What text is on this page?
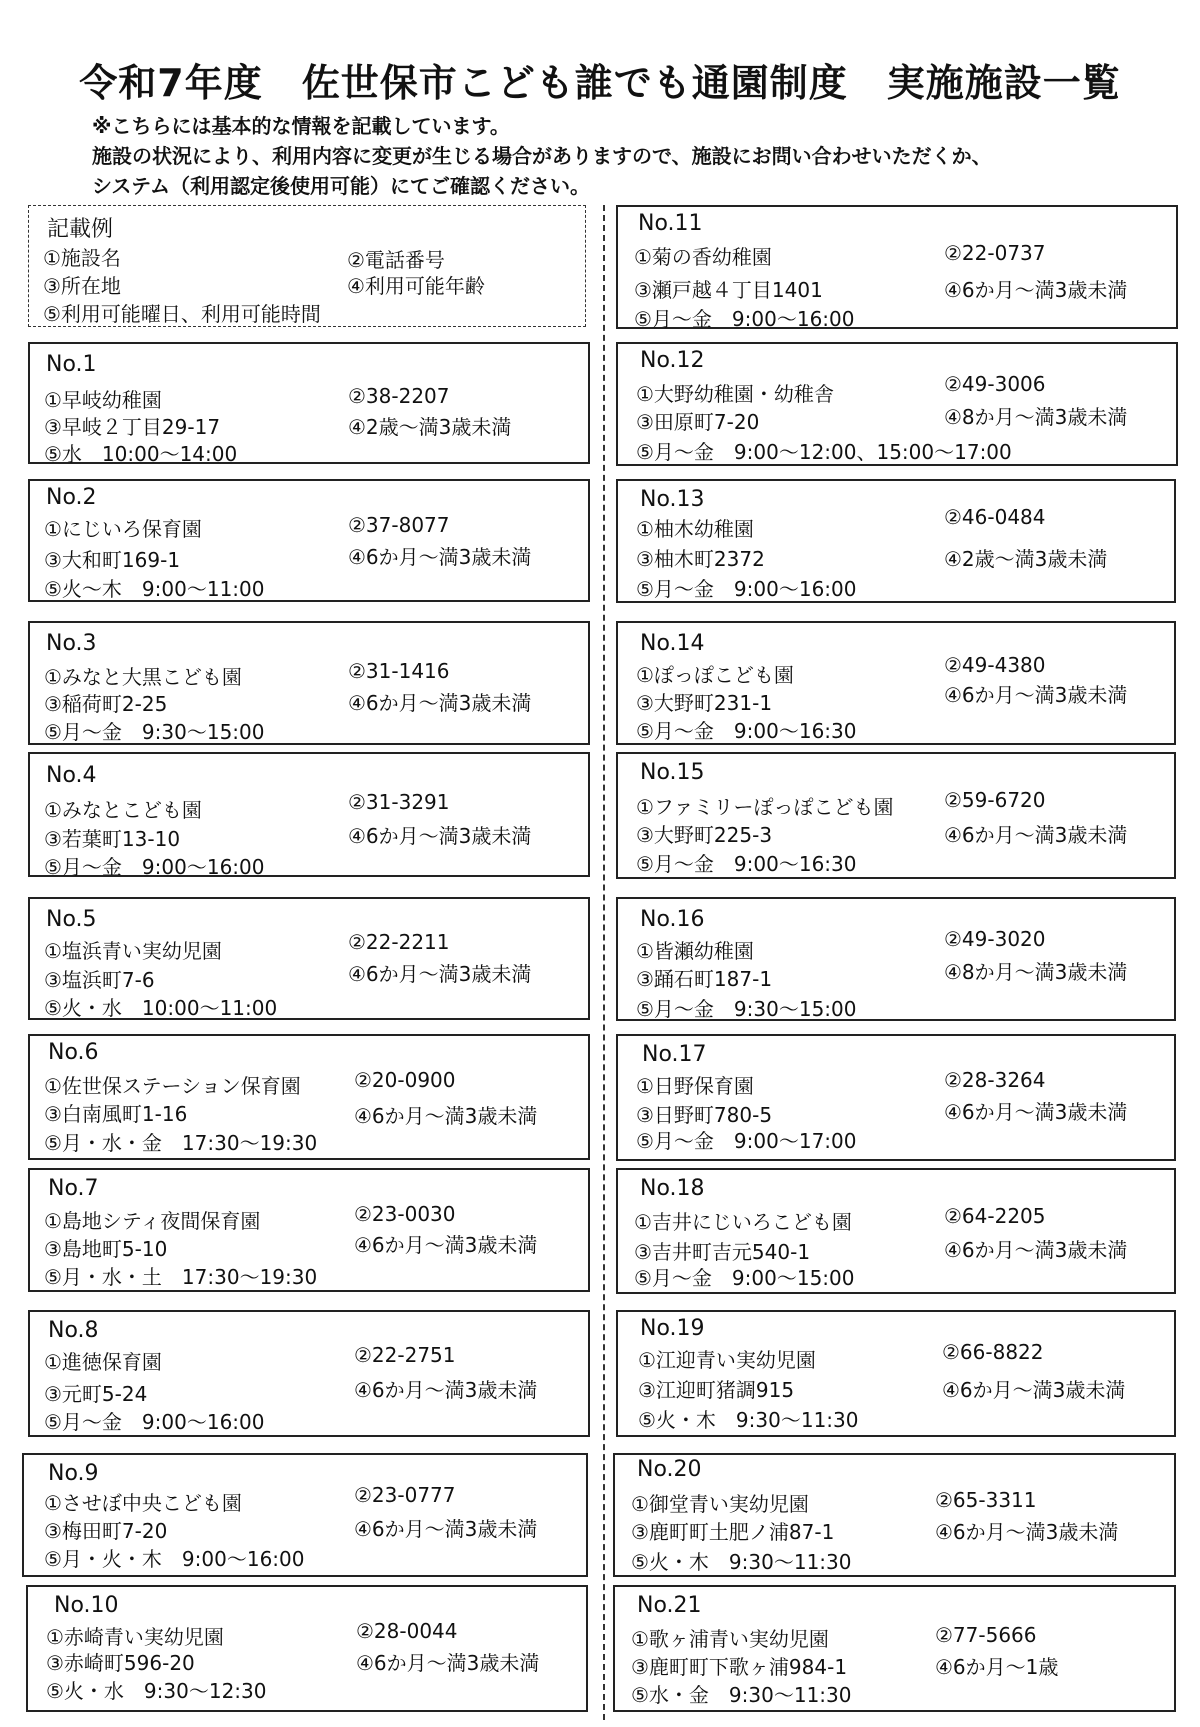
令和7年度　佐世保市こども誰でも通園制度　実施施設一覧
※こちらには基本的な情報を記載しています。
施設の状況により、利用内容に変更が生じる場合がありますので、施設にお問い合わせいただくか、
システム（利用認定後使用可能）にてご確認ください。
記載例
①施設名	②電話番号
③所在地	④利用可能年齢
⑤利用可能曜日、利用可能時間
No.1
①早岐幼稚園	②38-2207
③早岐２丁目29-17	④2歳～満3歳未満
⑤水　10:00～14:00
No.2
①にじいろ保育園	②37-8077
③大和町169-1	④6か月～満3歳未満
⑤火～木　9:00～11:00
No.3
①みなと大黒こども園	②31-1416
③稲荷町2-25	④6か月～満3歳未満
⑤月～金　9:30～15:00
No.4
①みなとこども園	②31-3291
③若葉町13-10	④6か月～満3歳未満
⑤月～金　9:00～16:00
No.5
①塩浜青い実幼児園	②22-2211
③塩浜町7-6	④6か月～満3歳未満
⑤火・水　10:00～11:00
No.6
①佐世保ステーション保育園	②20-0900
③白南風町1-16	④6か月～満3歳未満
⑤月・水・金　17:30～19:30
No.7
①島地シティ夜間保育園	②23-0030
③島地町5-10	④6か月～満3歳未満
⑤月・水・土　17:30～19:30
No.8
①進徳保育園	②22-2751
③元町5-24	④6か月～満3歳未満
⑤月～金　9:00～16:00
No.9
①させぼ中央こども園	②23-0777
③梅田町7-20	④6か月～満3歳未満
⑤月・火・木　9:00～16:00
No.10
①赤崎青い実幼児園	②28-0044
③赤崎町596-20	④6か月～満3歳未満
⑤火・水　9:30～12:30
No.11
①菊の香幼稚園	②22-0737
③瀬戸越４丁目1401	④6か月～満3歳未満
⑤月～金　9:00～16:00
No.12
①大野幼稚園・幼稚舎	②49-3006
③田原町7-20	④8か月～満3歳未満
⑤月～金　9:00～12:00、15:00～17:00
No.13
①柚木幼稚園	②46-0484
③柚木町2372	④2歳～満3歳未満
⑤月～金　9:00～16:00
No.14
①ぽっぽこども園	②49-4380
③大野町231-1	④6か月～満3歳未満
⑤月～金　9:00～16:30
No.15
①ファミリーぽっぽこども園	②59-6720
③大野町225-3	④6か月～満3歳未満
⑤月～金　9:00～16:30
No.16
①皆瀬幼稚園	②49-3020
③踊石町187-1	④8か月～満3歳未満
⑤月～金　9:30～15:00
No.17
①日野保育園	②28-3264
③日野町780-5	④6か月～満3歳未満
⑤月～金　9:00～17:00
No.18
①吉井にじいろこども園	②64-2205
③吉井町吉元540-1	④6か月～満3歳未満
⑤月～金　9:00～15:00
No.19
①江迎青い実幼児園	②66-8822
③江迎町猪調915	④6か月～満3歳未満
⑤火・木　9:30～11:30
No.20
①御堂青い実幼児園	②65-3311
③鹿町町土肥ノ浦87-1	④6か月～満3歳未満
⑤火・木　9:30～11:30
No.21
①歌ヶ浦青い実幼児園	②77-5666
③鹿町町下歌ヶ浦984-1	④6か月～1歳
⑤水・金　9:30～11:30
